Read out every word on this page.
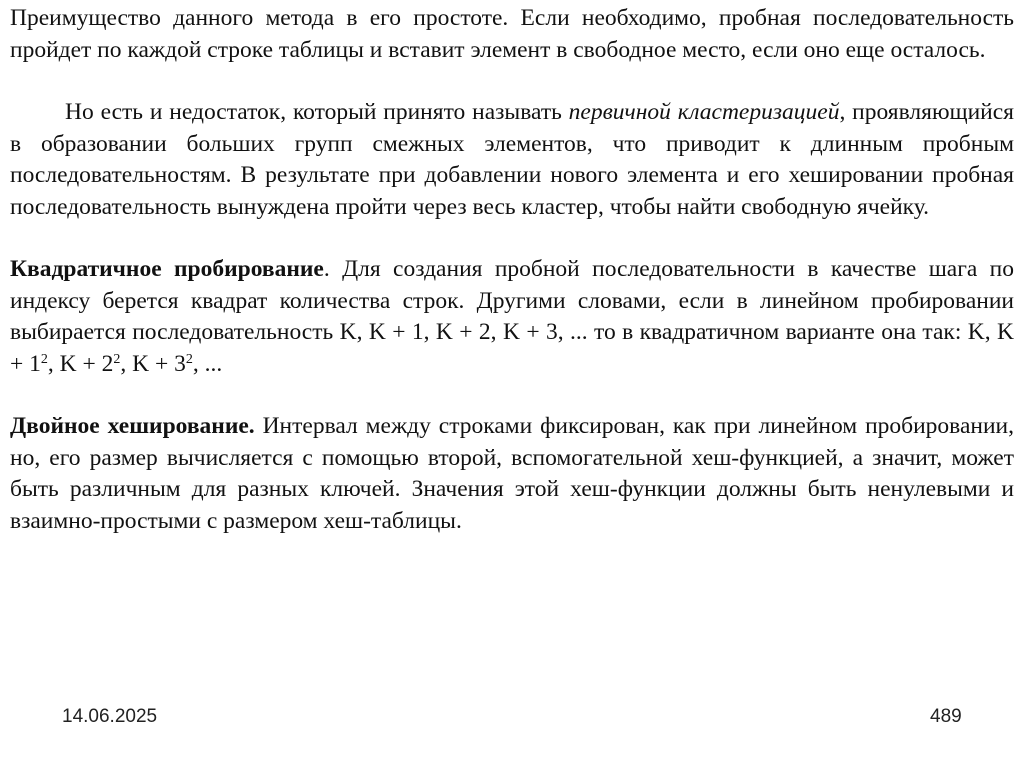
Преимущество данного метода в его простоте. Если необходимо, пробная последовательность пройдет по каждой строке таблицы и вставит элемент в свободное место, если оно еще осталось.

Но есть и недостаток, который принято называть первичной кластеризацией, проявляющийся в образовании больших групп смежных элементов, что приводит к длинным пробным последовательностям. В результате при добавлении нового элемента и его хешировании пробная последовательность вынуждена пройти через весь кластер, чтобы найти свободную ячейку.

Квадратичное пробирование. Для создания пробной последовательности в качестве шага по индексу берется квадрат количества строк. Другими словами, если в линейном пробировании выбирается последовательность K, K + 1, K + 2, K + 3, ... то в квадратичном варианте она так: K, $K + 1^2$, $K + 2^2$, $K + 3^2$, ...

Двойное хеширование. Интервал между строками фиксирован, как при линейном пробировании, но, его размер вычисляется с помощью второй, вспомогательной хеш-функцией, а значит, может быть различным для разных ключей. Значения этой хеш-функции должны быть ненулевыми и взаимно-простыми с размером хеш-таблицы.

14.06.2025	489
